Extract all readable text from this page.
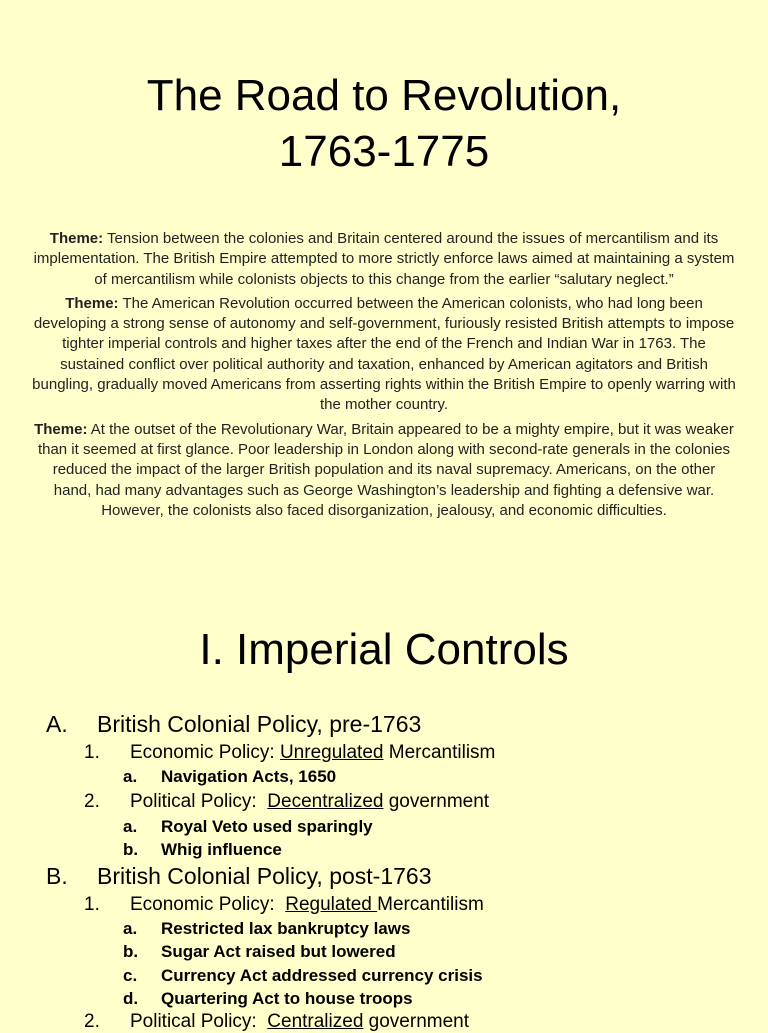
The Road to Revolution,
1763-1775

Theme: Tension between the colonies and Britain centered around the issues of mercantilism and its implementation. The British Empire attempted to more strictly enforce laws aimed at maintaining a system of mercantilism while colonists objects to this change from the earlier “salutary neglect.”

Theme: The American Revolution occurred between the American colonists, who had long been developing a strong sense of autonomy and self-government, furiously resisted British attempts to impose tighter imperial controls and higher taxes after the end of the French and Indian War in 1763. The sustained conflict over political authority and taxation, enhanced by American agitators and British bungling, gradually moved Americans from asserting rights within the British Empire to openly warring with the mother country.

Theme: At the outset of the Revolutionary War, Britain appeared to be a mighty empire, but it was weaker than it seemed at first glance. Poor leadership in London along with second-rate generals in the colonies reduced the impact of the larger British population and its naval supremacy. Americans, on the other hand, had many advantages such as George Washington’s leadership and fighting a defensive war. However, the colonists also faced disorganization, jealousy, and economic difficulties.

I. Imperial Controls
A. British Colonial Policy, pre-1763
1. Economic Policy: Unregulated Mercantilism
a. Navigation Acts, 1650
2. Political Policy:  Decentralized government
a. Royal Veto used sparingly
b. Whig influence
B. British Colonial Policy, post-1763
1. Economic Policy:  Regulated Mercantilism
a. Restricted lax bankruptcy laws
b. Sugar Act raised but lowered
c. Currency Act addressed currency crisis
d. Quartering Act to house troops
2. Political Policy:  Centralized government
